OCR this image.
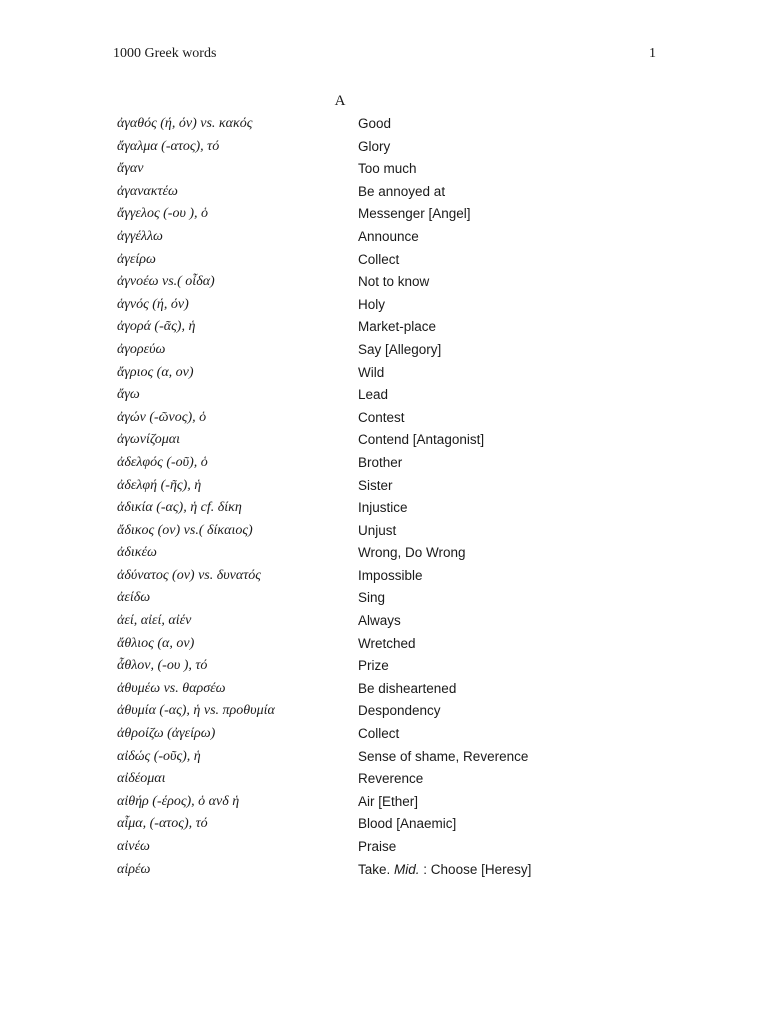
1000 Greek words	1
A
ἀγαθός (ή, όν) vs. κακός	Good
ἄγαλμα (-ατος), τό	Glory
ἄγαν	Too much
ἀγανακτέω	Be annoyed at
ἄγγελος (-ου ), ὁ	Messenger [Angel]
ἀγγέλλω	Announce
ἀγείρω	Collect
ἀγνοέω vs.( οἶδα)	Not to know
ἁγνός (ή, όν)	Holy
ἀγορά (-ᾶς), ἡ	Market-place
ἀγορεύω	Say [Allegory]
ἄγριος (α, ον)	Wild
ἄγω	Lead
ἀγών (-ῶνος), ὁ	Contest
ἀγωνίζομαι	Contend [Antagonist]
ἀδελφός (-οῦ), ὁ	Brother
ἀδελφή (-ῆς), ἡ	Sister
ἀδικία (-ας), ἡ cf. δίκη	Injustice
ἄδικος (ον) vs.( δίκαιος)	Unjust
ἀδικέω	Wrong, Do Wrong
ἀδύνατος (ον) vs. δυνατός	Impossible
ἀείδω	Sing
ἀεί, αἰεί, αἰέν	Always
ἄθλιος (α, ον)	Wretched
ἆθλον, (-ου ), τό	Prize
ἀθυμέω vs. θαρσέω	Be disheartened
ἀθυμία (-ας), ἡ vs. προθυμία	Despondency
ἀθροίζω (ἀγείρω)	Collect
αἰδώς (-οῦς), ἡ	Sense of shame, Reverence
αἰδέομαι	Reverence
αἰθήρ (-έρος), ὁ ανδ ἡ	Air [Ether]
αἷμα, (-ατος), τό	Blood [Anaemic]
αἰνέω	Praise
αἱρέω	Take. Mid. : Choose [Heresy]
